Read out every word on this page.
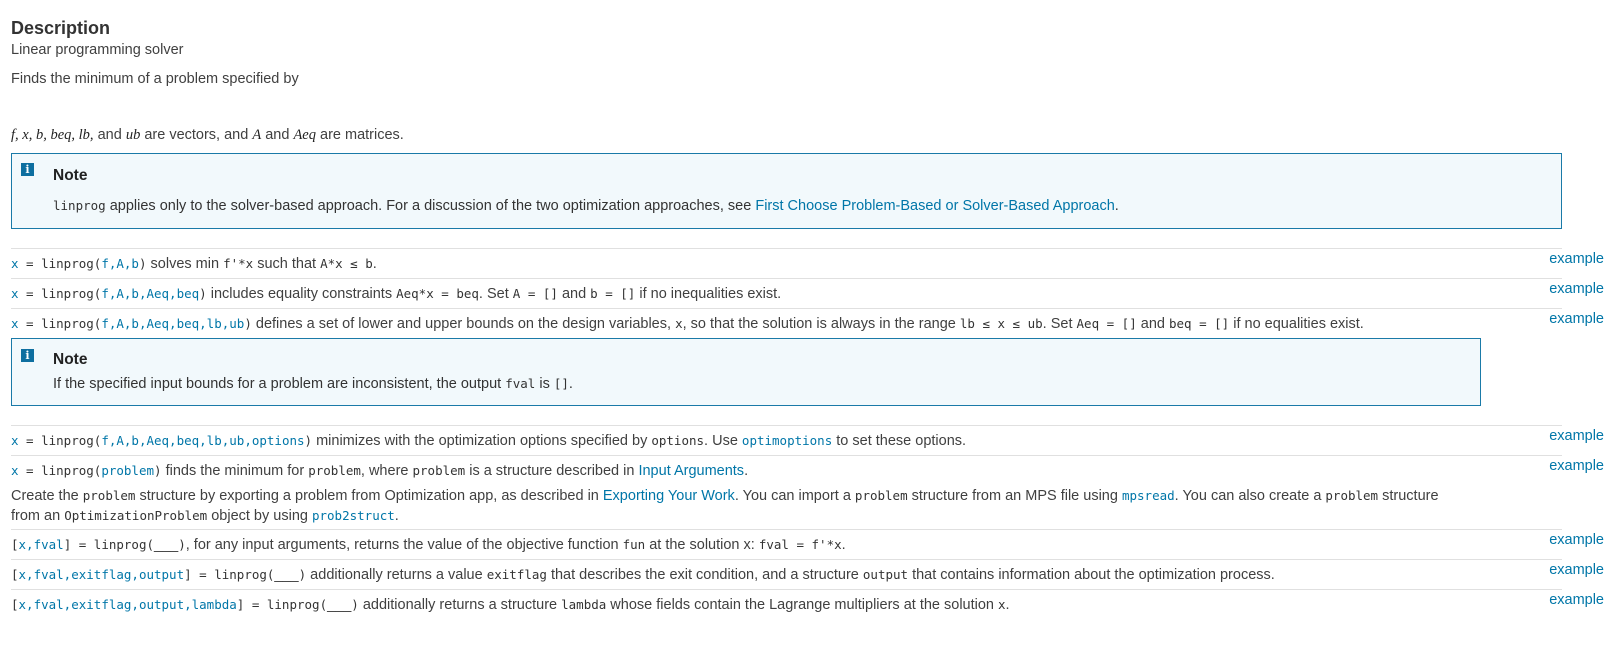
Description
Linear programming solver
Finds the minimum of a problem specified by
f, x, b, beq, lb, and ub are vectors, and A and Aeq are matrices.
i Note
linprog applies only to the solver-based approach. For a discussion of the two optimization approaches, see First Choose Problem-Based or Solver-Based Approach.
x = linprog(f,A,b) solves min f'*x such that A*x ≤ b.	example
x = linprog(f,A,b,Aeq,beq) includes equality constraints Aeq*x = beq. Set A = [] and b = [] if no inequalities exist.	example
x = linprog(f,A,b,Aeq,beq,lb,ub) defines a set of lower and upper bounds on the design variables, x, so that the solution is always in the range lb ≤ x ≤ ub. Set Aeq = [] and beq = [] if no equalities exist.	example
i Note
If the specified input bounds for a problem are inconsistent, the output fval is [].
x = linprog(f,A,b,Aeq,beq,lb,ub,options) minimizes with the optimization options specified by options. Use optimoptions to set these options.	example
x = linprog(problem) finds the minimum for problem, where problem is a structure described in Input Arguments.	example
Create the problem structure by exporting a problem from Optimization app, as described in Exporting Your Work. You can import a problem structure from an MPS file using mpsread. You can also create a problem structure from an OptimizationProblem object by using prob2struct.
[x,fval] = linprog(___), for any input arguments, returns the value of the objective function fun at the solution x: fval = f'*x.	example
[x,fval,exitflag,output] = linprog(___) additionally returns a value exitflag that describes the exit condition, and a structure output that contains information about the optimization process.	example
[x,fval,exitflag,output,lambda] = linprog(___) additionally returns a structure lambda whose fields contain the Lagrange multipliers at the solution x.	example
